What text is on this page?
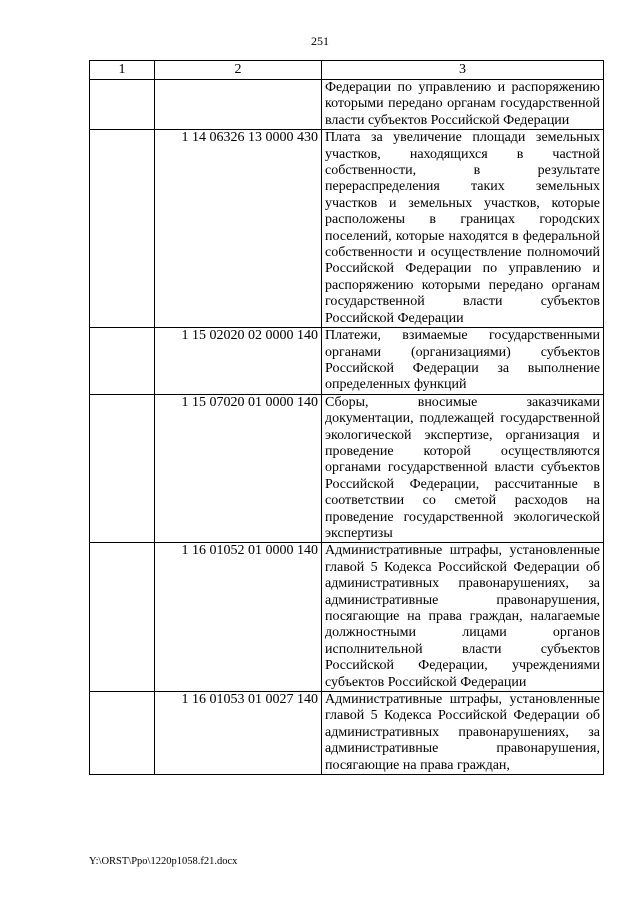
251
1	2	3
		Федерации по управлению и распоряжению которыми передано органам государственной власти субъектов Российской Федерации
	1 14 06326 13 0000 430	Плата за увеличение площади земельных участков, находящихся в частной собственности, в результате перераспределения таких земельных участков и земельных участков, которые расположены в границах городских поселений, которые находятся в федеральной собственности и осуществление полномочий Российской Федерации по управлению и распоряжению которыми передано органам государственной власти субъектов Российской Федерации
	1 15 02020 02 0000 140	Платежи, взимаемые государственными органами (организациями) субъектов Российской Федерации за выполнение определенных функций
	1 15 07020 01 0000 140	Сборы, вносимые заказчиками документации, подлежащей государственной экологической экспертизе, организация и проведение которой осуществляются органами государственной власти субъектов Российской Федерации, рассчитанные в соответствии со сметой расходов на проведение государственной экологической экспертизы
	1 16 01052 01 0000 140	Административные штрафы, установленные главой 5 Кодекса Российской Федерации об административных правонарушениях, за административные правонарушения, посягающие на права граждан, налагаемые должностными лицами органов исполнительной власти субъектов Российской Федерации, учреждениями субъектов Российской Федерации
	1 16 01053 01 0027 140	Административные штрафы, установленные главой 5 Кодекса Российской Федерации об административных правонарушениях, за административные правонарушения, посягающие на права граждан,
Y:\ORST\Ppo\1220p1058.f21.docx
